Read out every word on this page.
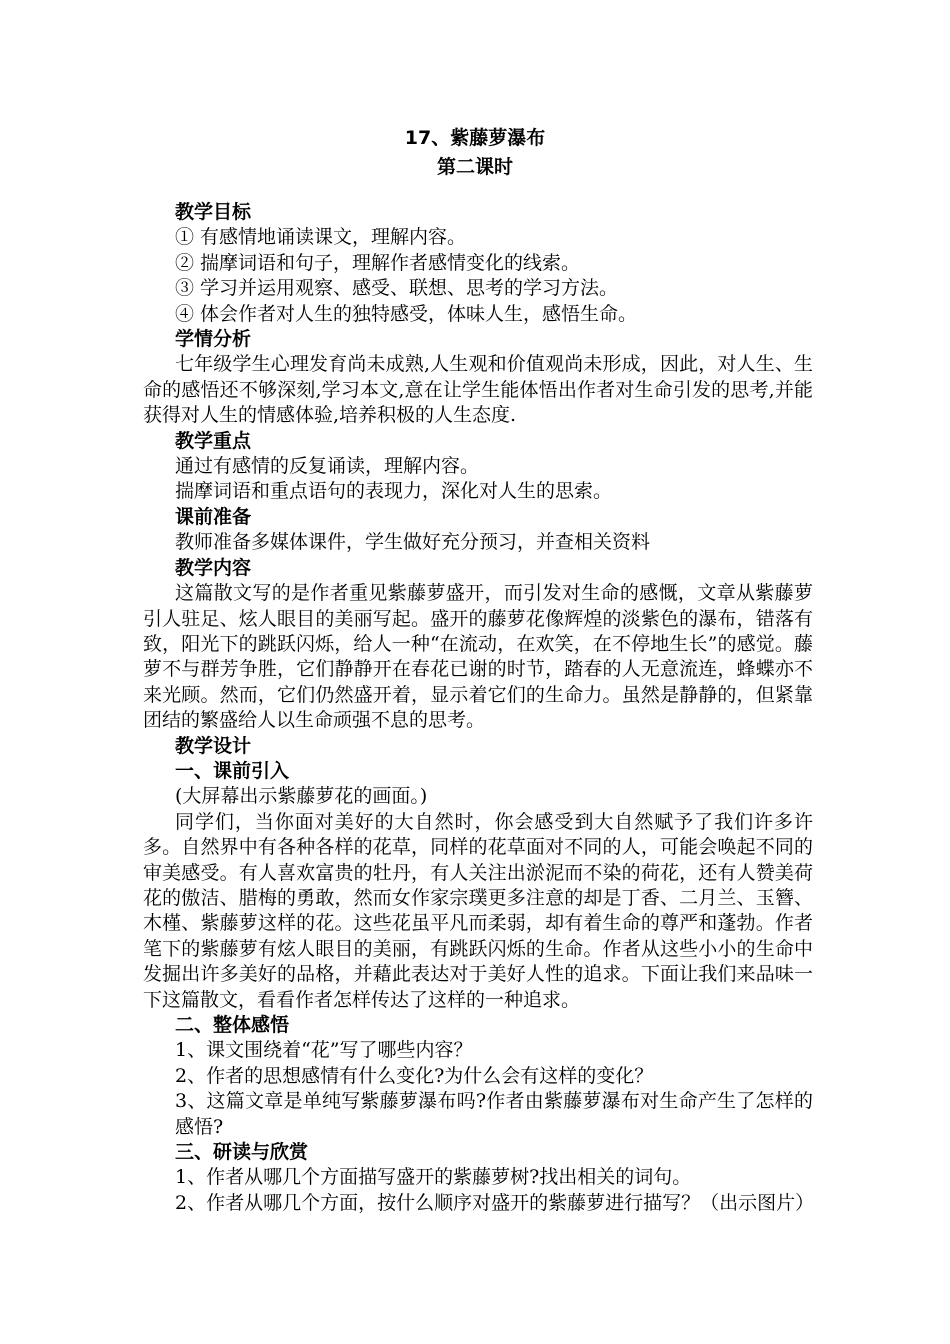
17、紫藤萝瀑布
第二课时
教学目标
① 有感情地诵读课文，理解内容。
② 揣摩词语和句子，理解作者感情变化的线索。
③ 学习并运用观察、感受、联想、思考的学习方法。
④ 体会作者对人生的独特感受，体味人生，感悟生命。
学情分析
七年级学生心理发育尚未成熟,人生观和价值观尚未形成，因此，对人生、生命的感悟还不够深刻,学习本文,意在让学生能体悟出作者对生命引发的思考,并能获得对人生的情感体验,培养积极的人生态度.
教学重点
通过有感情的反复诵读，理解内容。
揣摩词语和重点语句的表现力，深化对人生的思索。
课前准备
教师准备多媒体课件，学生做好充分预习，并查相关资料
教学内容
这篇散文写的是作者重见紫藤萝盛开，而引发对生命的感慨，文章从紫藤萝引人驻足、炫人眼目的美丽写起。盛开的藤萝花像辉煌的淡紫色的瀑布，错落有致，阳光下的跳跃闪烁，给人一种“在流动，在欢笑，在不停地生长”的感觉。藤萝不与群芳争胜，它们静静开在春花已谢的时节，踏春的人无意流连，蜂蝶亦不来光顾。然而，它们仍然盛开着，显示着它们的生命力。虽然是静静的，但紧靠团结的繁盛给人以生命顽强不息的思考。
教学设计
一、课前引入
(大屏幕出示紫藤萝花的画面。)
同学们，当你面对美好的大自然时，你会感受到大自然赋予了我们许多许多。自然界中有各种各样的花草，同样的花草面对不同的人，可能会唤起不同的审美感受。有人喜欢富贵的牡丹，有人关注出淤泥而不染的荷花，还有人赞美荷花的傲洁、腊梅的勇敢，然而女作家宗璞更多注意的却是丁香、二月兰、玉簪、木槿、紫藤萝这样的花。这些花虽平凡而柔弱，却有着生命的尊严和蓬勃。作者笔下的紫藤萝有炫人眼目的美丽，有跳跃闪烁的生命。作者从这些小小的生命中发掘出许多美好的品格，并藉此表达对于美好人性的追求。下面让我们来品味一下这篇散文，看看作者怎样传达了这样的一种追求。
二、整体感悟
1、课文围绕着“花”写了哪些内容？
2、作者的思想感情有什么变化?为什么会有这样的变化？
3、这篇文章是单纯写紫藤萝瀑布吗?作者由紫藤萝瀑布对生命产生了怎样的感悟?
三、研读与欣赏
1、作者从哪几个方面描写盛开的紫藤萝树?找出相关的词句。
2、作者从哪几个方面，按什么顺序对盛开的紫藤萝进行描写？（出示图片）
